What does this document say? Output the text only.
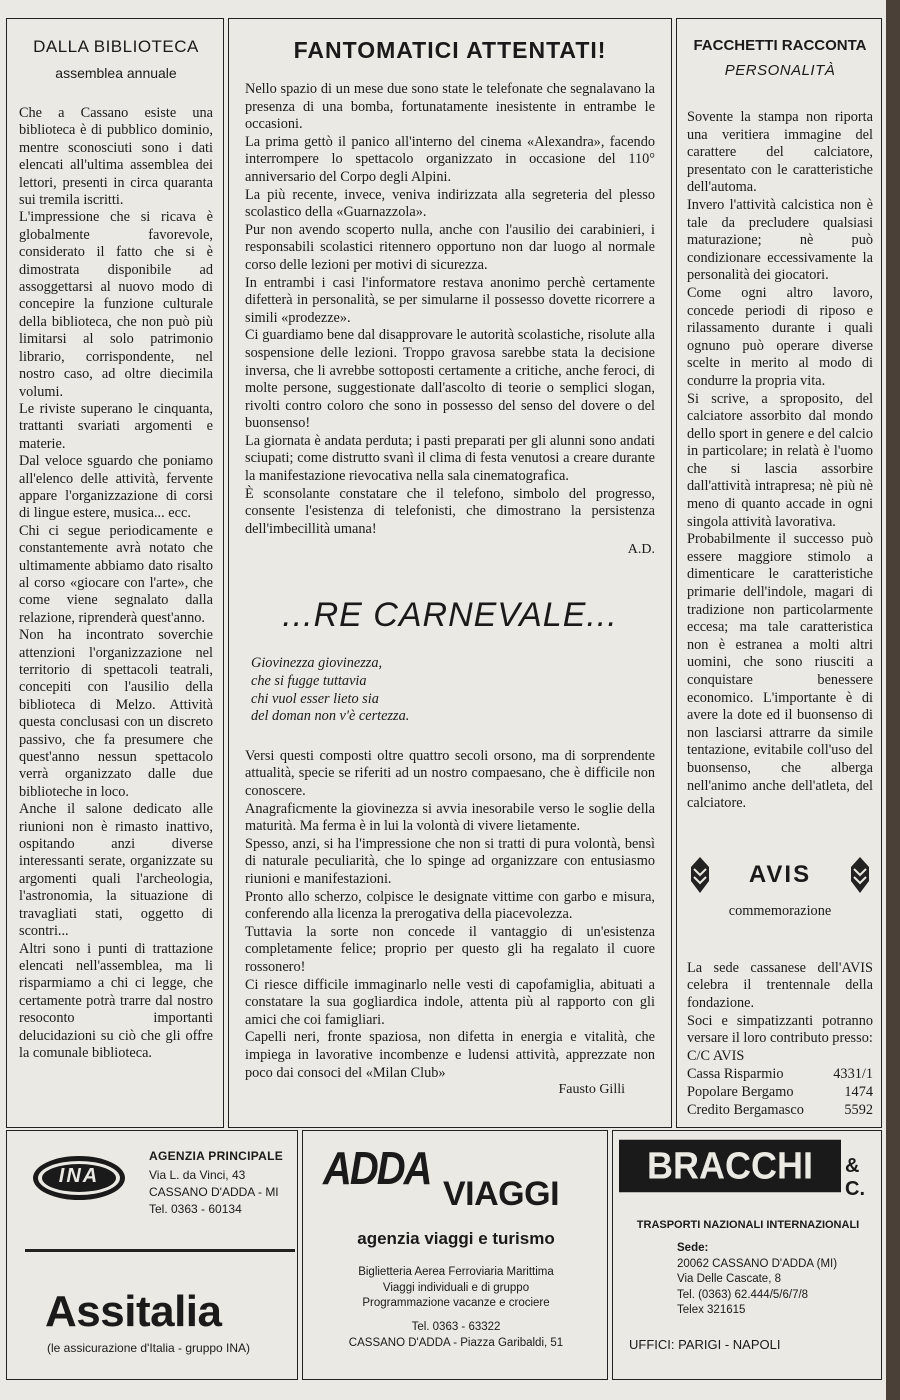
DALLA BIBLIOTECA
assemblea annuale

Che a Cassano esiste una biblioteca è di pubblico dominio, mentre sconosciuti sono i dati elencati all'ultima assemblea dei lettori, presenti in circa quaranta sui tremila iscritti.

L'impressione che si ricava è globalmente favorevole, considerato il fatto che si è dimostrata disponibile ad assoggettarsi al nuovo modo di concepire la funzione culturale della biblioteca, che non può più limitarsi al solo patrimonio librario, corrispondente, nel nostro caso, ad oltre diecimila volumi.

Le riviste superano le cinquanta, trattanti svariati argomenti e materie.

Dal veloce sguardo che poniamo all'elenco delle attività, fervente appare l'organizzazione di corsi di lingue estere, musica... ecc.

Chi ci segue periodicamente e constantemente avrà notato che ultimamente abbiamo dato risalto al corso «giocare con l'arte», che come viene segnalato dalla relazione, riprenderà quest'anno.

Non ha incontrato soverchie attenzioni l'organizzazione nel territorio di spettacoli teatrali, concepiti con l'ausilio della biblioteca di Melzo. Attività questa conclusasi con un discreto passivo, che fa presumere che quest'anno nessun spettacolo verrà organizzato dalle due biblioteche in loco.

Anche il salone dedicato alle riunioni non è rimasto inattivo, ospitando anzi diverse interessanti serate, organizzate su argomenti quali l'archeologia, l'astronomia, la situazione di travagliati stati, oggetto di scontri...

Altri sono i punti di trattazione elencati nell'assemblea, ma li risparmiamo a chi ci legge, che certamente potrà trarre dal nostro resoconto importanti delucidazioni su ciò che gli offre la comunale biblioteca.

FANTOMATICI ATTENTATI!

Nello spazio di un mese due sono state le telefonate che segnalavano la presenza di una bomba, fortunatamente inesistente in entrambe le occasioni.

La prima gettò il panico all'interno del cinema «Alexandra», facendo interrompere lo spettacolo organizzato in occasione del 110° anniversario del Corpo degli Alpini.

La più recente, invece, veniva indirizzata alla segreteria del plesso scolastico della «Guarnazzola».

Pur non avendo scoperto nulla, anche con l'ausilio dei carabinieri, i responsabili scolastici ritennero opportuno non dar luogo al normale corso delle lezioni per motivi di sicurezza.

In entrambi i casi l'informatore restava anonimo perchè certamente difetterà in personalità, se per simularne il possesso dovette ricorrere a simili «prodezze».

Ci guardiamo bene dal disapprovare le autorità scolastiche, risolute alla sospensione delle lezioni. Troppo gravosa sarebbe stata la decisione inversa, che li avrebbe sottoposti certamente a critiche, anche feroci, di molte persone, suggestionate dall'ascolto di teorie o semplici slogan, rivolti contro coloro che sono in possesso del senso del dovere o del buonsenso!

La giornata è andata perduta; i pasti preparati per gli alunni sono andati sciupati; come distrutto svanì il clima di festa venutosi a creare durante la manifestazione rievocativa nella sala cinematografica.

È sconsolante constatare che il telefono, simbolo del progresso, consente l'esistenza di telefonisti, che dimostrano la persistenza dell'imbecillità umana!

A.D.
...RE CARNEVALE...
Giovinezza giovinezza,
che si fugge tuttavia
chi vuol esser lieto sia
del doman non v'è certezza.

Versi questi composti oltre quattro secoli orsono, ma di sorprendente attualità, specie se riferiti ad un nostro compaesano, che è difficile non conoscere.

Anagraficmente la giovinezza si avvia inesorabile verso le soglie della maturità. Ma ferma è in lui la volontà di vivere lietamente.

Spesso, anzi, si ha l'impressione che non si tratti di pura volontà, bensì di naturale peculiarità, che lo spinge ad organizzare con entusiasmo riunioni e manifestazioni.

Pronto allo scherzo, colpisce le designate vittime con garbo e misura, conferendo alla licenza la prerogativa della piacevolezza.

Tuttavia la sorte non concede il vantaggio di un'esistenza completamente felice; proprio per questo gli ha regalato il cuore rossonero!

Ci riesce difficile immaginarlo nelle vesti di capofamiglia, abituati a constatare la sua gogliardica indole, attenta più al rapporto con gli amici che coi famigliari.

Capelli neri, fronte spaziosa, non difetta in energia e vitalità, che impiega in lavorative incombenze e ludensi attività, apprezzate non poco dai consoci del «Milan Club»

Fausto Gilli
FACCHETTI RACCONTA
PERSONALITÀ

Sovente la stampa non riporta una veritiera immagine del carattere del calciatore, presentato con le caratteristiche dell'automa.

Invero l'attività calcistica non è tale da precludere qualsiasi maturazione; nè può condizionare eccessivamente la personalità dei giocatori.

Come ogni altro lavoro, concede periodi di riposo e rilassamento durante i quali ognuno può operare diverse scelte in merito al modo di condurre la propria vita.

Si scrive, a sproposito, del calciatore assorbito dal mondo dello sport in genere e del calcio in particolare; in relatà è l'uomo che si lascia assorbire dall'attività intrapresa; nè più nè meno di quanto accade in ogni singola attività lavorativa.

Probabilmente il successo può essere maggiore stimolo a dimenticare le caratteristiche primarie dell'indole, magari di tradizione non particolarmente eccesa; ma tale caratteristica non è estranea a molti altri uomini, che sono riusciti a conquistare benessere economico. L'importante è di avere la dote ed il buonsenso di non lasciarsi attrarre da simile tentazione, evitabile coll'uso del buonsenso, che alberga nell'animo anche dell'atleta, del calciatore.

AVIS
commemorazione

La sede cassanese dell'AVIS celebra il trentennale della fondazione.

Soci e simpatizzanti potranno versare il loro contributo presso:

C/C AVIS

Cassa Risparmio	4331/1
Popolare Bergamo	1474
Credito Bergamasco	5592
INA
AGENZIA PRINCIPALE
Via L. da Vinci, 43
CASSANO D'ADDA - MI
Tel. 0363 - 60134
Assitalia
(le assicurazione d'Italia - gruppo INA)
ADDA VIAGGI
agenzia viaggi e turismo
Biglietteria Aerea Ferroviaria Marittima
Viaggi individuali e di gruppo
Programmazione vacanze e crociere
Tel. 0363 - 63322
CASSANO D'ADDA - Piazza Garibaldi, 51
BRACCHI	& C.
TRASPORTI NAZIONALI INTERNAZIONALI
Sede:
20062 CASSANO D'ADDA (MI)
Via Delle Cascate, 8
Tel. (0363) 62.444/5/6/7/8
Telex 321615
UFFICI: PARIGI - NAPOLI
